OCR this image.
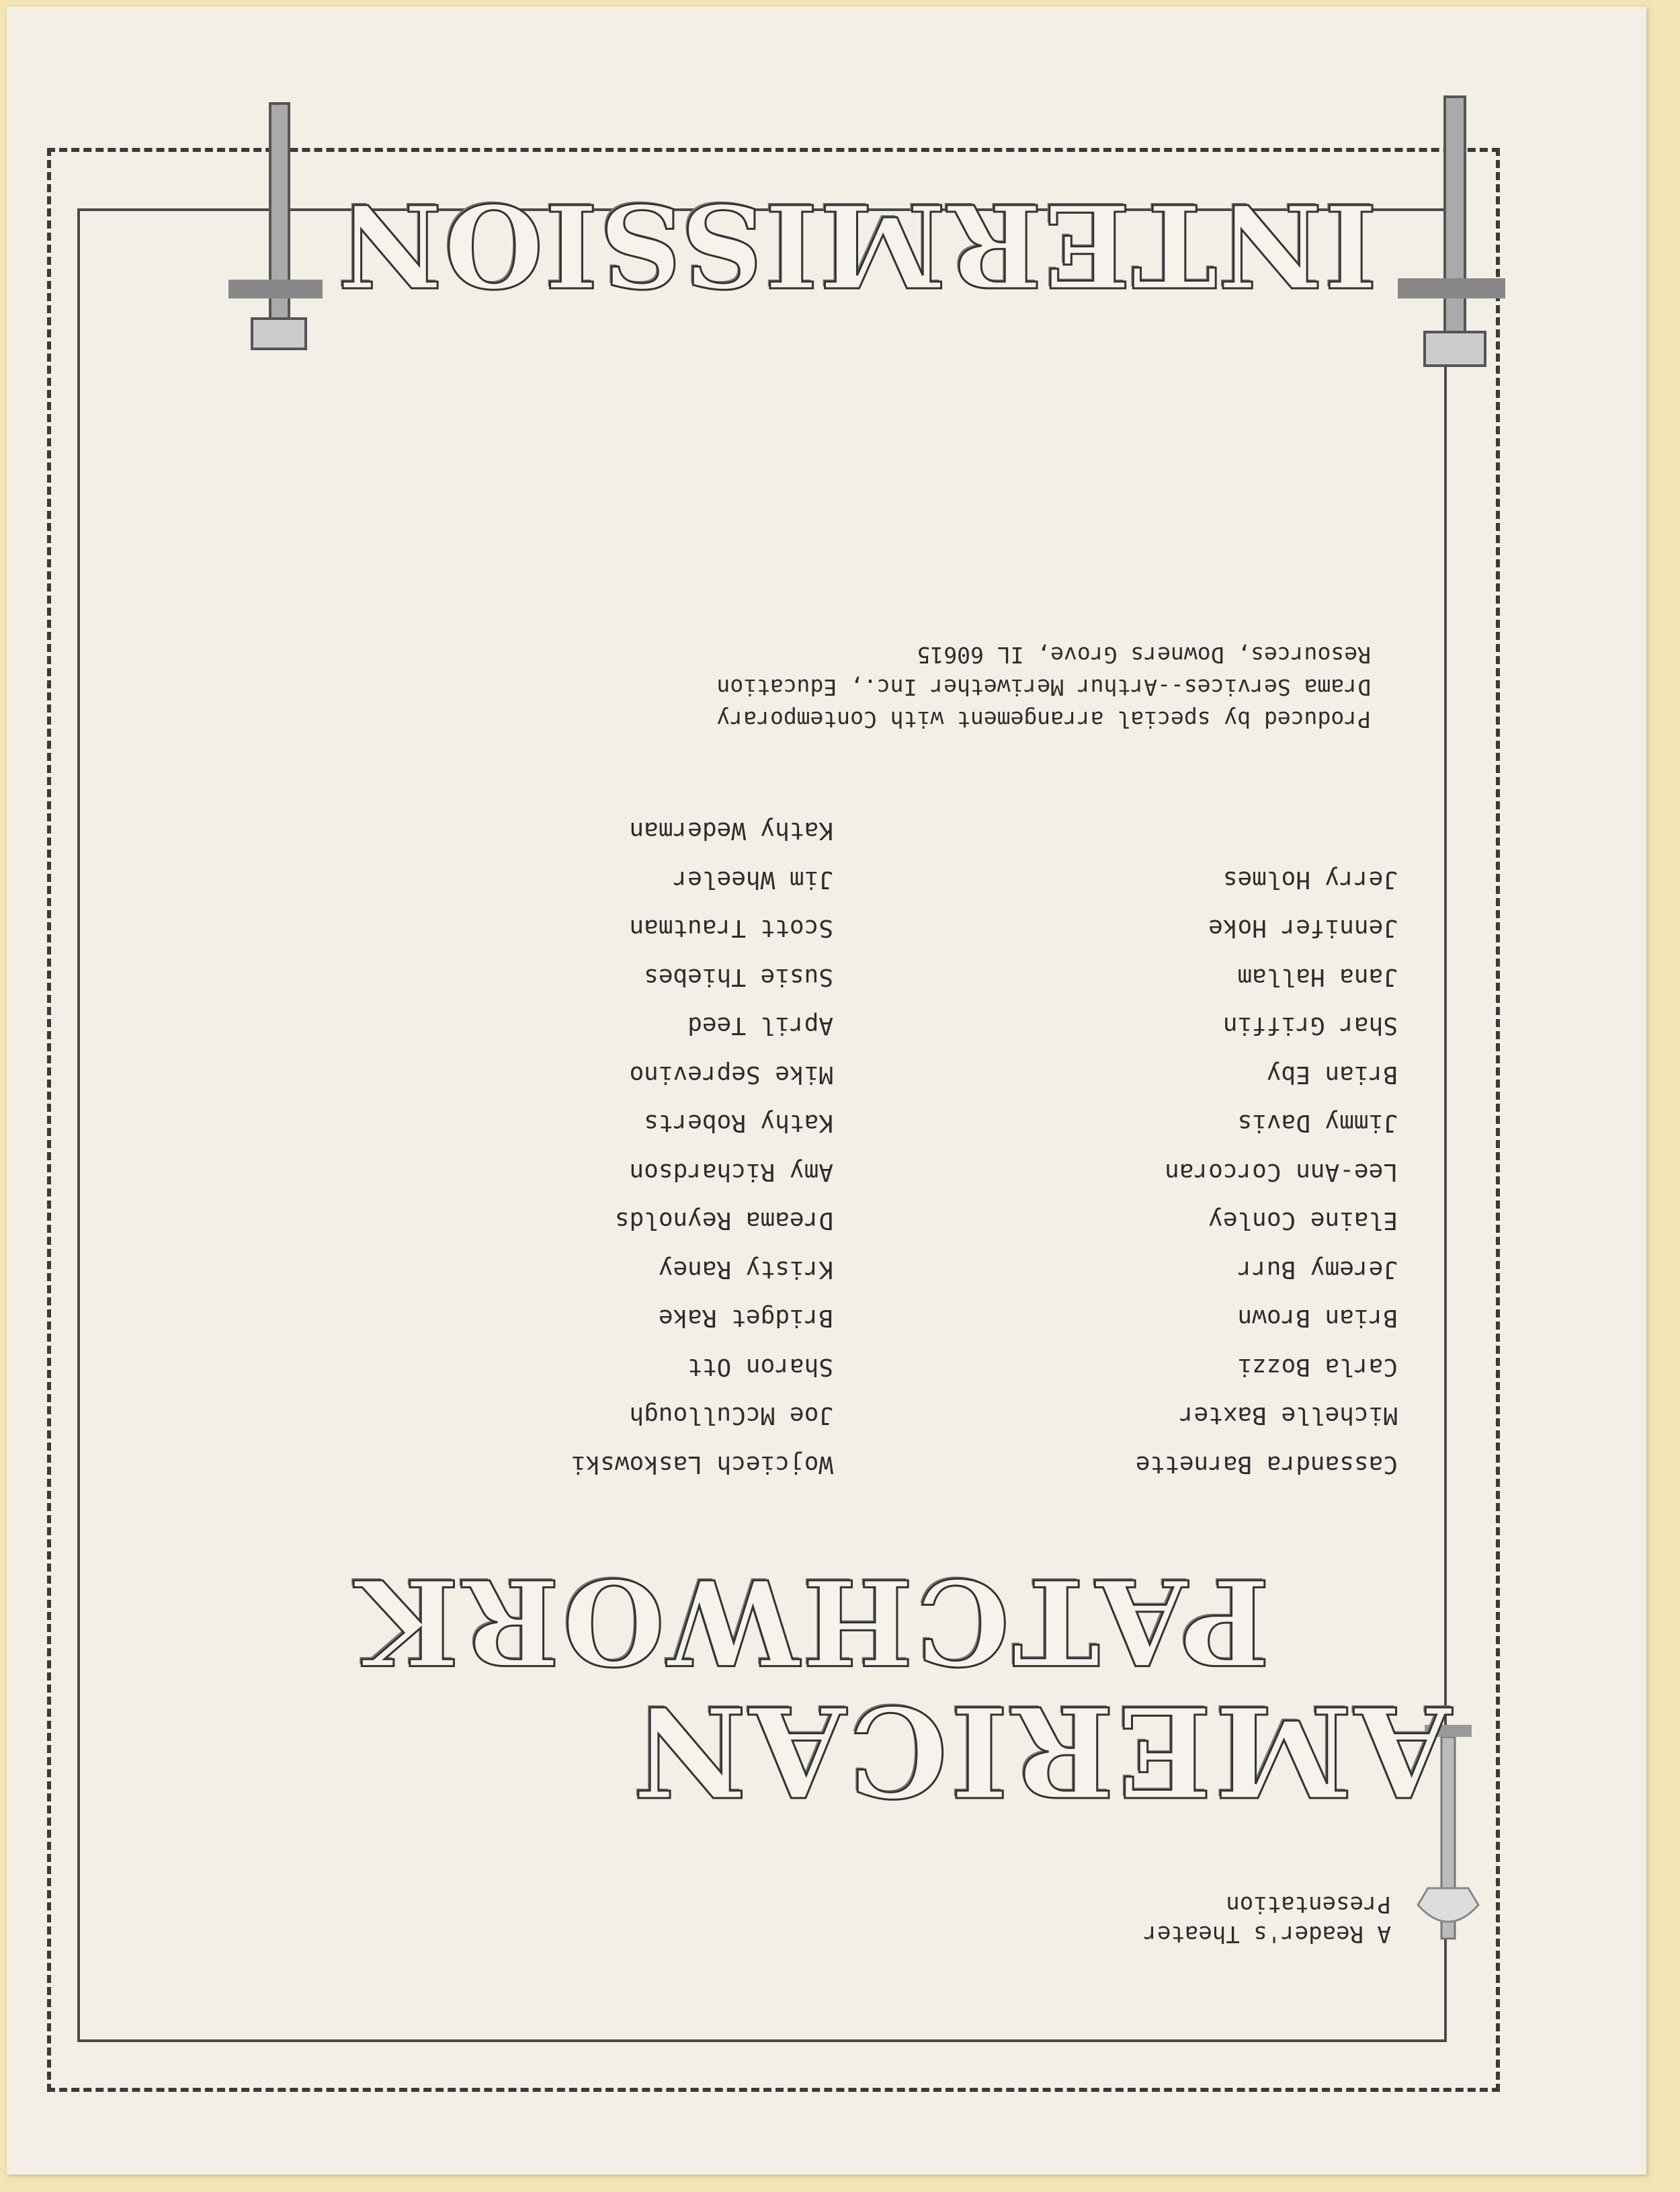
A Reader's Theater
Presentation
AMERICAN
PATCHWORK
Cassandra Barnette
Michelle Baxter
Carla Bozzi
Brian Brown
Jeremy Burr
Elaine Conley
Lee-Ann Corcoran
Jimmy Davis
Brian Eby
Shar Griffin
Jana Hallam
Jennifer Hoke
Jerry Holmes
Wojciech Laskowski
Joe McCullough
Sharon Ott
Bridget Rake
Kristy Raney
Dreama Reynolds
Amy Richardson
Kathy Roberts
Mike Seprevino
April Teed
Susie Thiebes
Scott Trautman
Jim Wheeler
Kathy Wederman
Produced by special arrangement with Contemporary
Drama Services--Arthur Meriwether Inc., Education
Resources, Downers Grove, IL 60615
INTERMISSION
